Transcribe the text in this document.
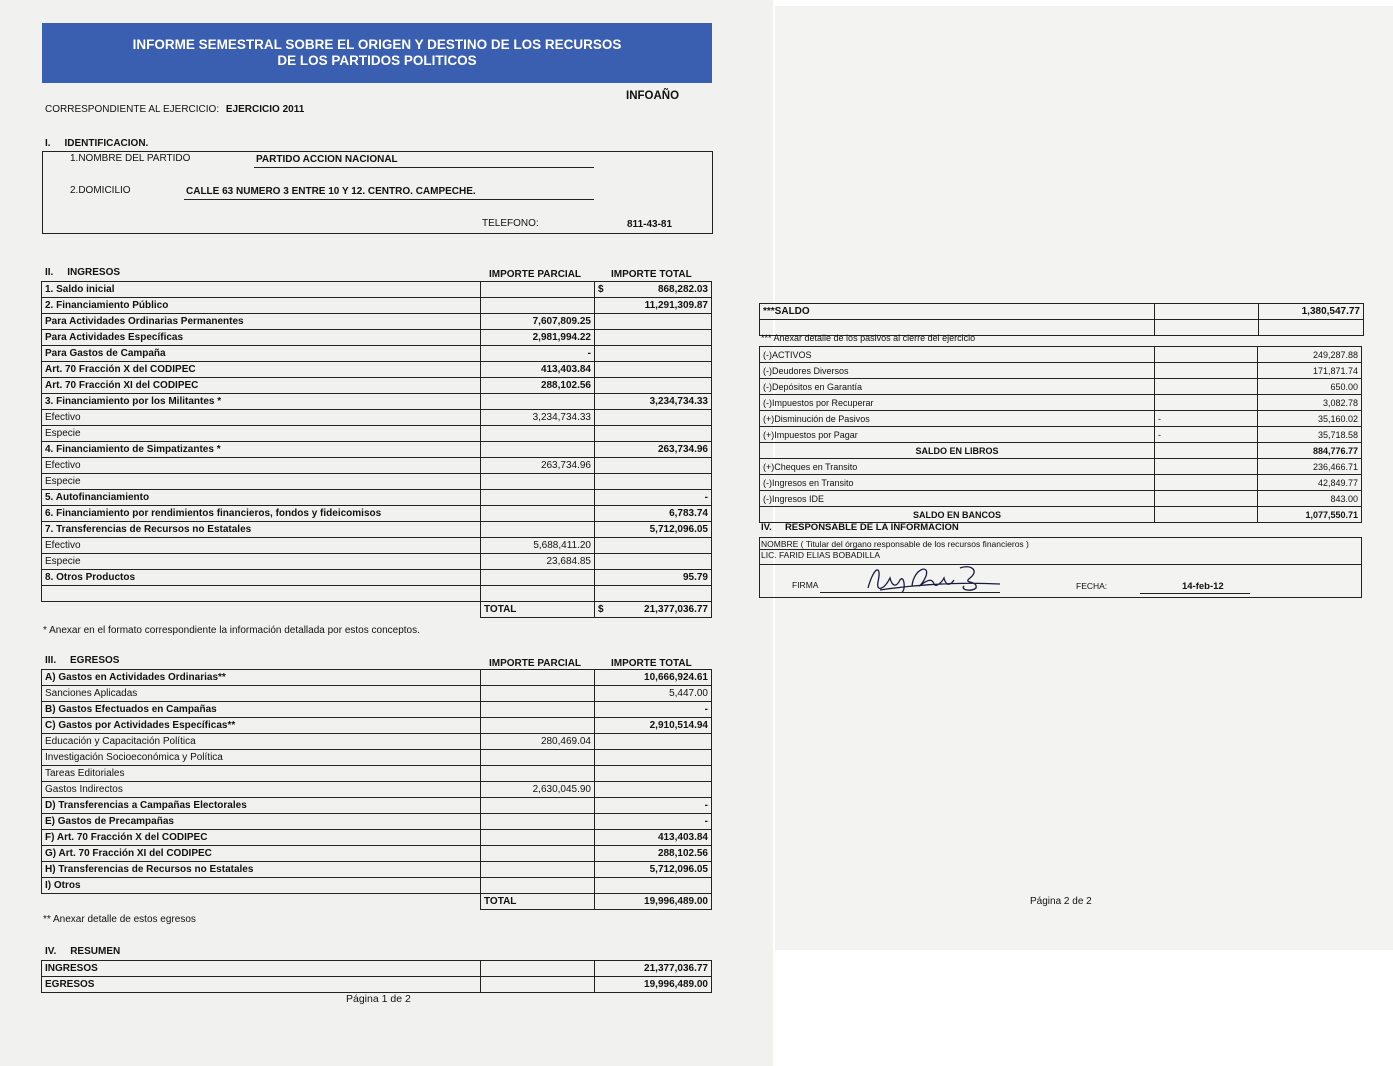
INFORME SEMESTRAL SOBRE EL ORIGEN Y DESTINO DE LOS RECURSOS
DE LOS PARTIDOS POLITICOS
INFOAÑO
CORRESPONDIENTE AL EJERCICIO: EJERCICIO 2011
I.     IDENTIFICACION.
1.NOMBRE DEL PARTIDO	PARTIDO ACCION NACIONAL
2.DOMICILIO	CALLE 63 NUMERO 3 ENTRE 10 Y 12. CENTRO. CAMPECHE.
TELEFONO:	811-43-81
II.     INGRESOS	IMPORTE PARCIAL	IMPORTE TOTAL
1. Saldo inicial		$ 868,282.03
2. Financiamiento Público		11,291,309.87
Para Actividades Ordinarias Permanentes	7,607,809.25	
Para Actividades Específicas	2,981,994.22	
Para Gastos de Campaña	-	
Art. 70 Fracción X del CODIPEC	413,403.84	
Art. 70 Fracción XI del CODIPEC	288,102.56	
3. Financiamiento por los Militantes *		3,234,734.33
Efectivo	3,234,734.33	
Especie		
4. Financiamiento de Simpatizantes *		263,734.96
Efectivo	263,734.96	
Especie		
5. Autofinanciamiento		-
6. Financiamiento por rendimientos financieros, fondos y fideicomisos		6,783.74
7. Transferencias de Recursos no Estatales		5,712,096.05
Efectivo	5,688,411.20	
Especie	23,684.85	
8. Otros Productos		95.79

	TOTAL	$ 21,377,036.77
* Anexar en el formato correspondiente la información detallada por estos conceptos.
III.     EGRESOS	IMPORTE PARCIAL	IMPORTE TOTAL
A) Gastos en Actividades Ordinarias**		10,666,924.61
Sanciones Aplicadas		5,447.00
B) Gastos Efectuados en Campañas		-
C) Gastos por Actividades Específicas**		2,910,514.94
Educación y Capacitación Política	280,469.04	
Investigación Socioeconómica y Política		
Tareas Editoriales		
Gastos Indirectos	2,630,045.90	
D) Transferencias a Campañas Electorales		-
E) Gastos de Precampañas		-
F) Art. 70 Fracción X del CODIPEC		413,403.84
G) Art. 70 Fracción XI del CODIPEC		288,102.56
H) Transferencias de Recursos no Estatales		5,712,096.05
I) Otros		
	TOTAL	19,996,489.00
** Anexar detalle de estos egresos
IV.     RESUMEN
INGRESOS		21,377,036.77
EGRESOS		19,996,489.00
Página 1 de 2
***SALDO		1,380,547.77

*** Anexar detalle de los pasivos al cierre del ejercicio
(-)ACTIVOS		249,287.88
(-)Deudores Diversos		171,871.74
(-)Depósitos en Garantía		650.00
(-)Impuestos por Recuperar		3,082.78
(+)Disminución de Pasivos	-	35,160.02
(+)Impuestos por Pagar	-	35,718.58
SALDO EN LIBROS		884,776.77
(+)Cheques en Transito		236,466.71
(-)Ingresos en Transito		42,849.77
(-)Ingresos IDE		843.00
SALDO EN BANCOS		1,077,550.71
IV.     RESPONSABLE DE LA INFORMACION
NOMBRE ( Titular del órgano responsable de los recursos financieros )
LIC. FARID ELIAS BOBADILLA
FIRMA	FECHA:	14-feb-12
Página 2 de 2
